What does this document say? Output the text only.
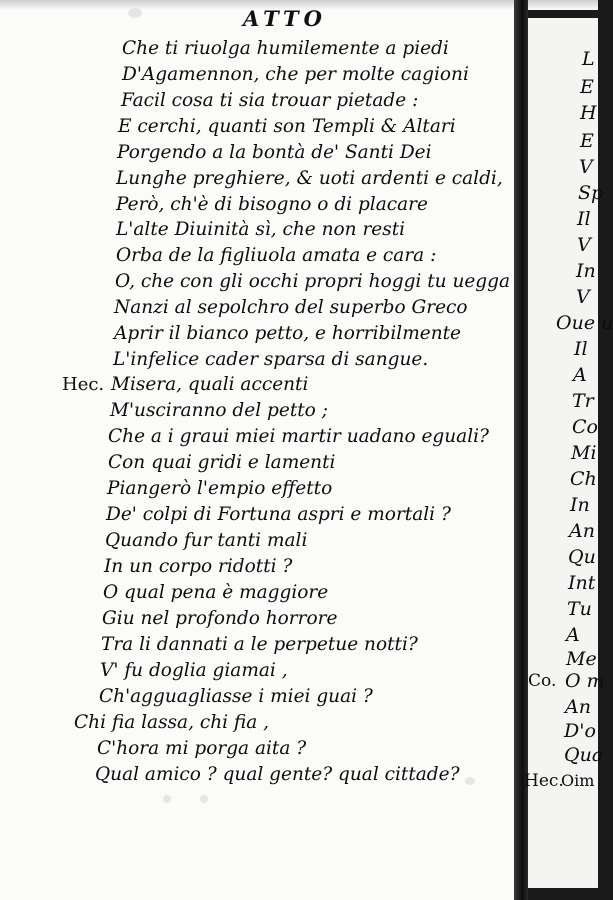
ATTO
Che ti riuolga humilemente a piedi
D'Agamennon, che per molte cagioni
Facil cosa ti sia trouar pietade :
E cerchi, quanti son Templi & Altari
Porgendo a la bontà de' Santi Dei
Lunghe preghiere, & uoti ardenti e caldi,
Però, ch'è di bisogno o di placare
L'alte Diuinità sì, che non resti
Orba de la figliuola amata e cara :
O, che con gli occhi propri hoggi tu uegga
Nanzi al sepolchro del superbo Greco
Aprir il bianco petto, e horribilmente
L'infelice cader sparsa di sangue.
Hec. Misera, quali accenti
M'usciranno del petto ;
Che a i graui miei martir uadano eguali?
Con quai gridi e lamenti
Piangerò l'empio effetto
De' colpi di Fortuna aspri e mortali ?
Quando fur tanti mali
In un corpo ridotti ?
O qual pena è maggiore
Giu nel profondo horrore
Tra li dannati a le perpetue notti?
V' fu doglia giamai ,
Ch'agguagliasse i miei guai ?
Chi fia lassa, chi fia ,
C'hora mi porga aita ?
Qual amico ? qual gente? qual cittade?
L
E
H
E
V
Sp
Il
V
In
V
Oue u
Il
A
Tr
Co
Mi
Ch
In
An
Qu
Int
Tu
A
Me
Co. O m
An
D'o
Qua
Hec.
Oim
